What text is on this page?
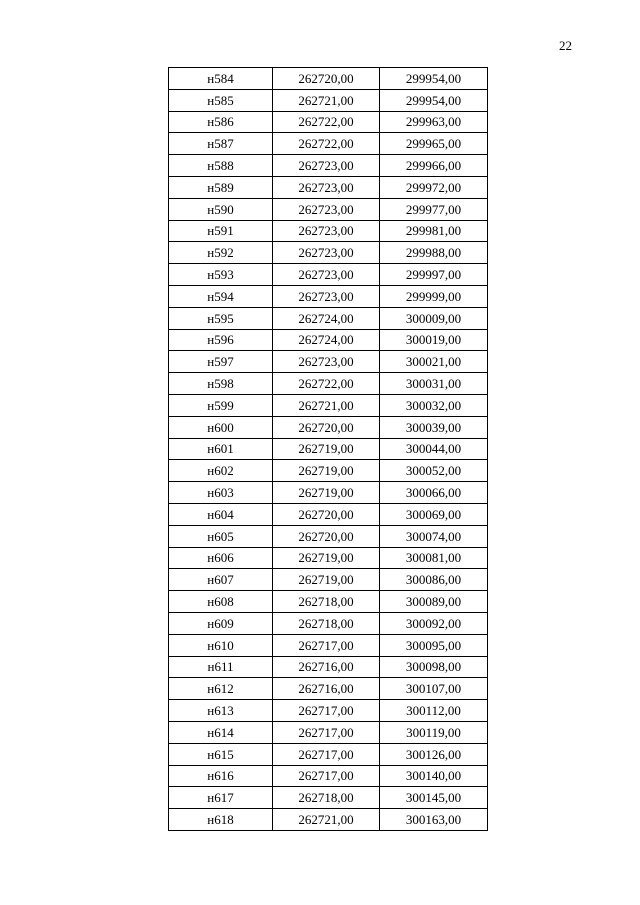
22
н584	262720,00	299954,00
н585	262721,00	299954,00
н586	262722,00	299963,00
н587	262722,00	299965,00
н588	262723,00	299966,00
н589	262723,00	299972,00
н590	262723,00	299977,00
н591	262723,00	299981,00
н592	262723,00	299988,00
н593	262723,00	299997,00
н594	262723,00	299999,00
н595	262724,00	300009,00
н596	262724,00	300019,00
н597	262723,00	300021,00
н598	262722,00	300031,00
н599	262721,00	300032,00
н600	262720,00	300039,00
н601	262719,00	300044,00
н602	262719,00	300052,00
н603	262719,00	300066,00
н604	262720,00	300069,00
н605	262720,00	300074,00
н606	262719,00	300081,00
н607	262719,00	300086,00
н608	262718,00	300089,00
н609	262718,00	300092,00
н610	262717,00	300095,00
н611	262716,00	300098,00
н612	262716,00	300107,00
н613	262717,00	300112,00
н614	262717,00	300119,00
н615	262717,00	300126,00
н616	262717,00	300140,00
н617	262718,00	300145,00
н618	262721,00	300163,00
